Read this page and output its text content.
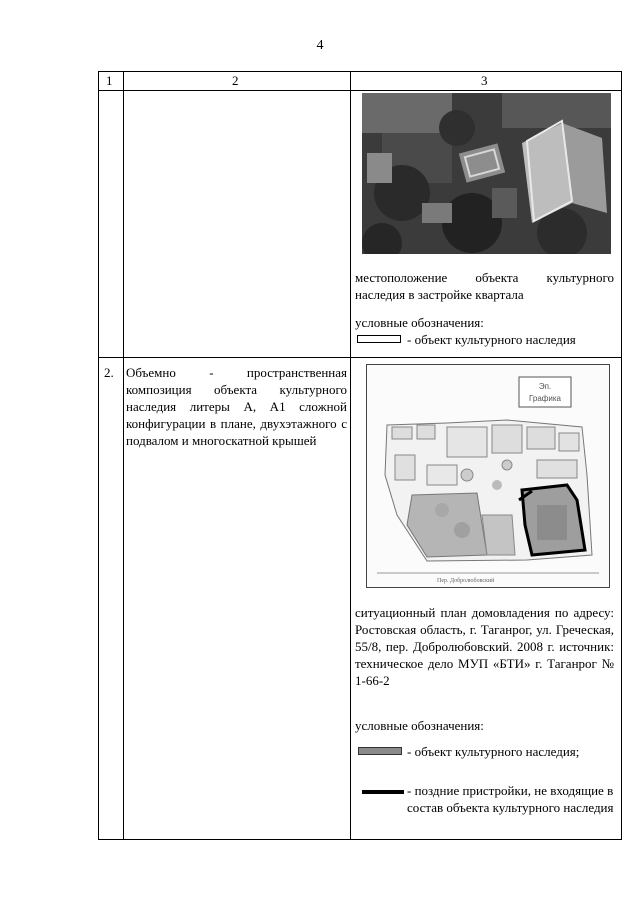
4
1	2	3
местоположение объекта культурного наследия в застройке квартала
условные обозначения:
- объект культурного наследия
2. Объемно - пространственная композиция объекта культурного наследия литеры А, А1 сложной конфигурации в плане, двухэтажного с подвалом и многоскатной крышей
Эп.
Графика
Пер. Добролюбовский
ситуационный план домовладения по адресу: Ростовская область, г. Таганрог, ул. Греческая, 55/8, пер. Добролюбовский. 2008 г. источник: техническое дело МУП «БТИ» г. Таганрог № 1-66-2
условные обозначения:
- объект культурного наследия;
- поздние пристройки, не входящие в состав объекта культурного наследия
